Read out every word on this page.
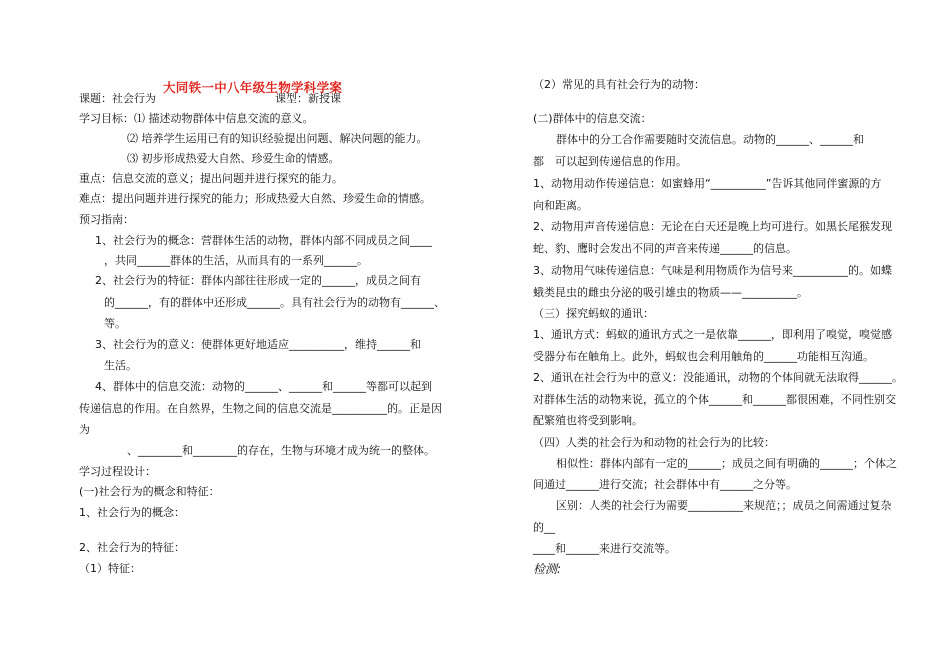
大同铁一中八年级生物学科学案
课题：社会行为	课型：新授课
学习目标：⑴ 描述动物群体中信息交流的意义。
⑵ 培养学生运用已有的知识经验提出问题、解决问题的能力。
⑶ 初步形成热爱大自然、珍爱生命的情感。
重点：信息交流的意义；提出问题并进行探究的能力。
难点：提出问题并进行探究的能力；形成热爱大自然、珍爱生命的情感。
预习指南：
1、社会行为的概念：营群体生活的动物，群体内部不同成员之间____
，共同______群体的生活，从而具有的一系列______。
2、社会行为的特征：群体内部往往形成一定的______，成员之间有
的______，有的群体中还形成______。具有社会行为的动物有______、
等。
3、社会行为的意义：使群体更好地适应__________，维持______和
生活。
4、群体中的信息交流：动物的______、______和______等都可以起到
传递信息的作用。在自然界，生物之间的信息交流是__________的。正是因
为
、________和________的存在，生物与环境才成为统一的整体。
学习过程设计：
(一)社会行为的概念和特征：
1、社会行为的概念：
2、社会行为的特征：
（1）特征：
（2）常见的具有社会行为的动物：
(二)群体中的信息交流：
群体中的分工合作需要随时交流信息。动物的______、______和
都　可以起到传递信息的作用。
1、动物用动作传递信息：如蜜蜂用“__________”告诉其他同伴蜜源的方
向和距离。
2、动物用声音传递信息：无论在白天还是晚上均可进行。如黑长尾猴发现
蛇、豹、鹰时会发出不同的声音来传递______的信息。
3、动物用气味传递信息：气味是利用物质作为信号来__________的。如蝶
蛾类昆虫的雌虫分泌的吸引雄虫的物质——__________。
（三）探究蚂蚁的通讯：
1、通讯方式：蚂蚁的通讯方式之一是依靠______，即利用了嗅觉，嗅觉感
受器分布在触角上。此外，蚂蚁也会利用触角的______功能相互沟通。
2、通讯在社会行为中的意义：没能通讯，动物的个体间就无法取得______。
对群体生活的动物来说，孤立的个体______和______都很困难，不同性别交
配繁殖也将受到影响。
（四）人类的社会行为和动物的社会行为的比较：
相似性：群体内部有一定的______；成员之间有明确的______；个体之
间通过______进行交流；社会群体中有______之分等。
区别：人类的社会行为需要__________来规范；；成员之间需通过复杂
的__
____和______来进行交流等。
检测:
